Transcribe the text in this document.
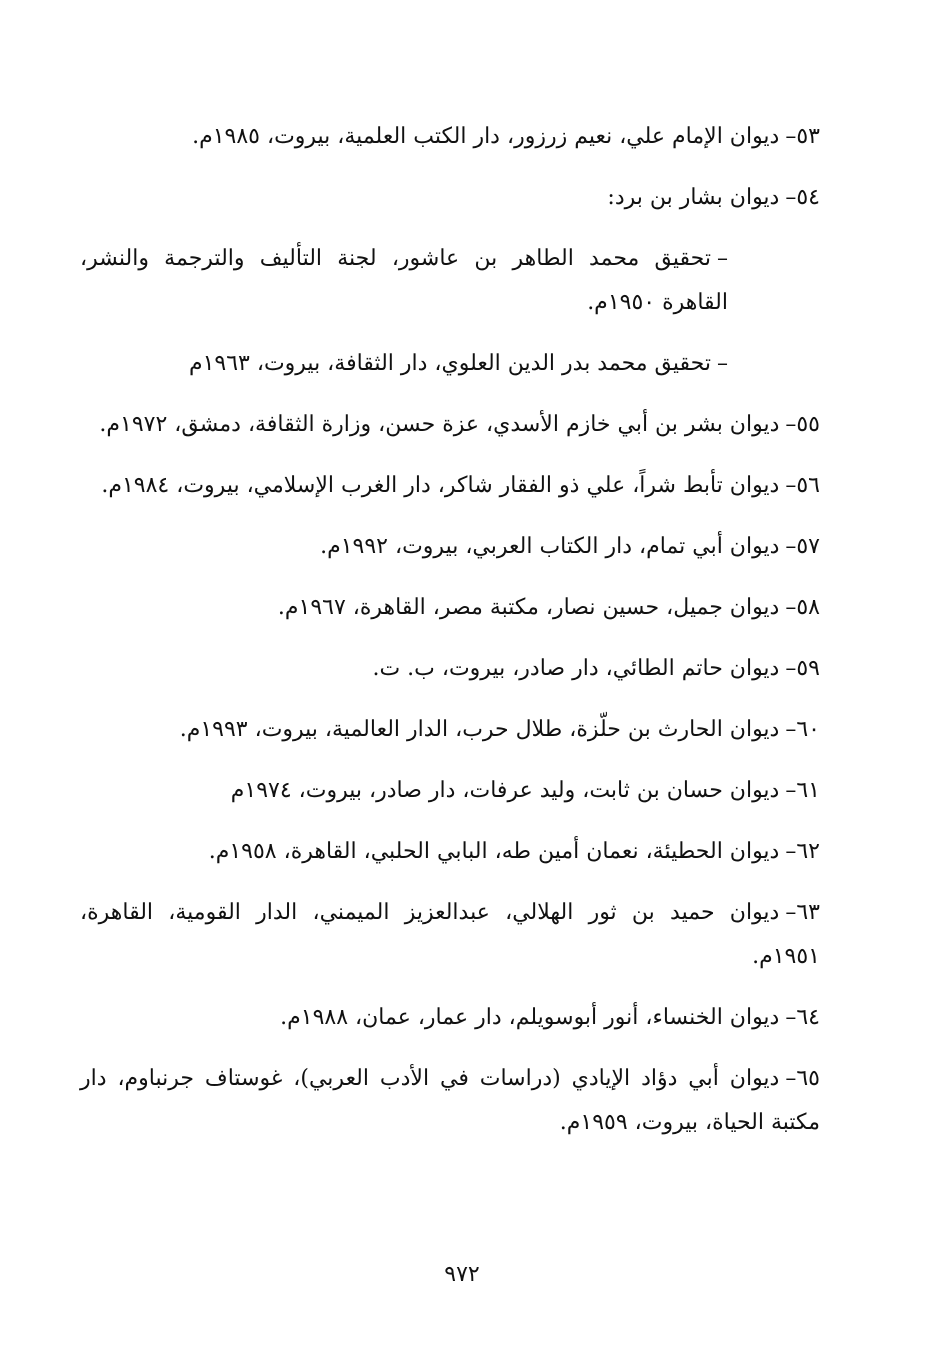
٥٣–ديوان الإمام علي، نعيم زرزور، دار الكتب العلمية، بيروت، ١٩٨٥م.
٥٤–ديوان بشار بن برد:
–تحقيق محمد الطاهر بن عاشور، لجنة التأليف والترجمة والنشر، القاهرة ١٩٥٠م.
–تحقيق محمد بدر الدين العلوي، دار الثقافة، بيروت، ١٩٦٣م
٥٥–ديوان بشر بن أبي خازم الأسدي، عزة حسن، وزارة الثقافة، دمشق، ١٩٧٢م.
٥٦–ديوان تأبط شراً، علي ذو الفقار شاكر، دار الغرب الإسلامي، بيروت، ١٩٨٤م.
٥٧–ديوان أبي تمام، دار الكتاب العربي، بيروت، ١٩٩٢م.
٥٨–ديوان جميل، حسين نصار، مكتبة مصر، القاهرة، ١٩٦٧م.
٥٩–ديوان حاتم الطائي، دار صادر، بيروت، ب. ت.
٦٠–ديوان الحارث بن حلّزة، طلال حرب، الدار العالمية، بيروت، ١٩٩٣م.
٦١–ديوان حسان بن ثابت، وليد عرفات، دار صادر، بيروت، ١٩٧٤م
٦٢–ديوان الحطيئة، نعمان أمين طه، البابي الحلبي، القاهرة، ١٩٥٨م.
٦٣–ديوان حميد بن ثور الهلالي، عبدالعزيز الميمني، الدار القومية، القاهرة، ١٩٥١م.
٦٤–ديوان الخنساء، أنور أبوسويلم، دار عمار، عمان، ١٩٨٨م.
٦٥–ديوان أبي دؤاد الإيادي (دراسات في الأدب العربي)، غوستاف جرنباوم، دار مكتبة الحياة، بيروت، ١٩٥٩م.
٩٧٢
